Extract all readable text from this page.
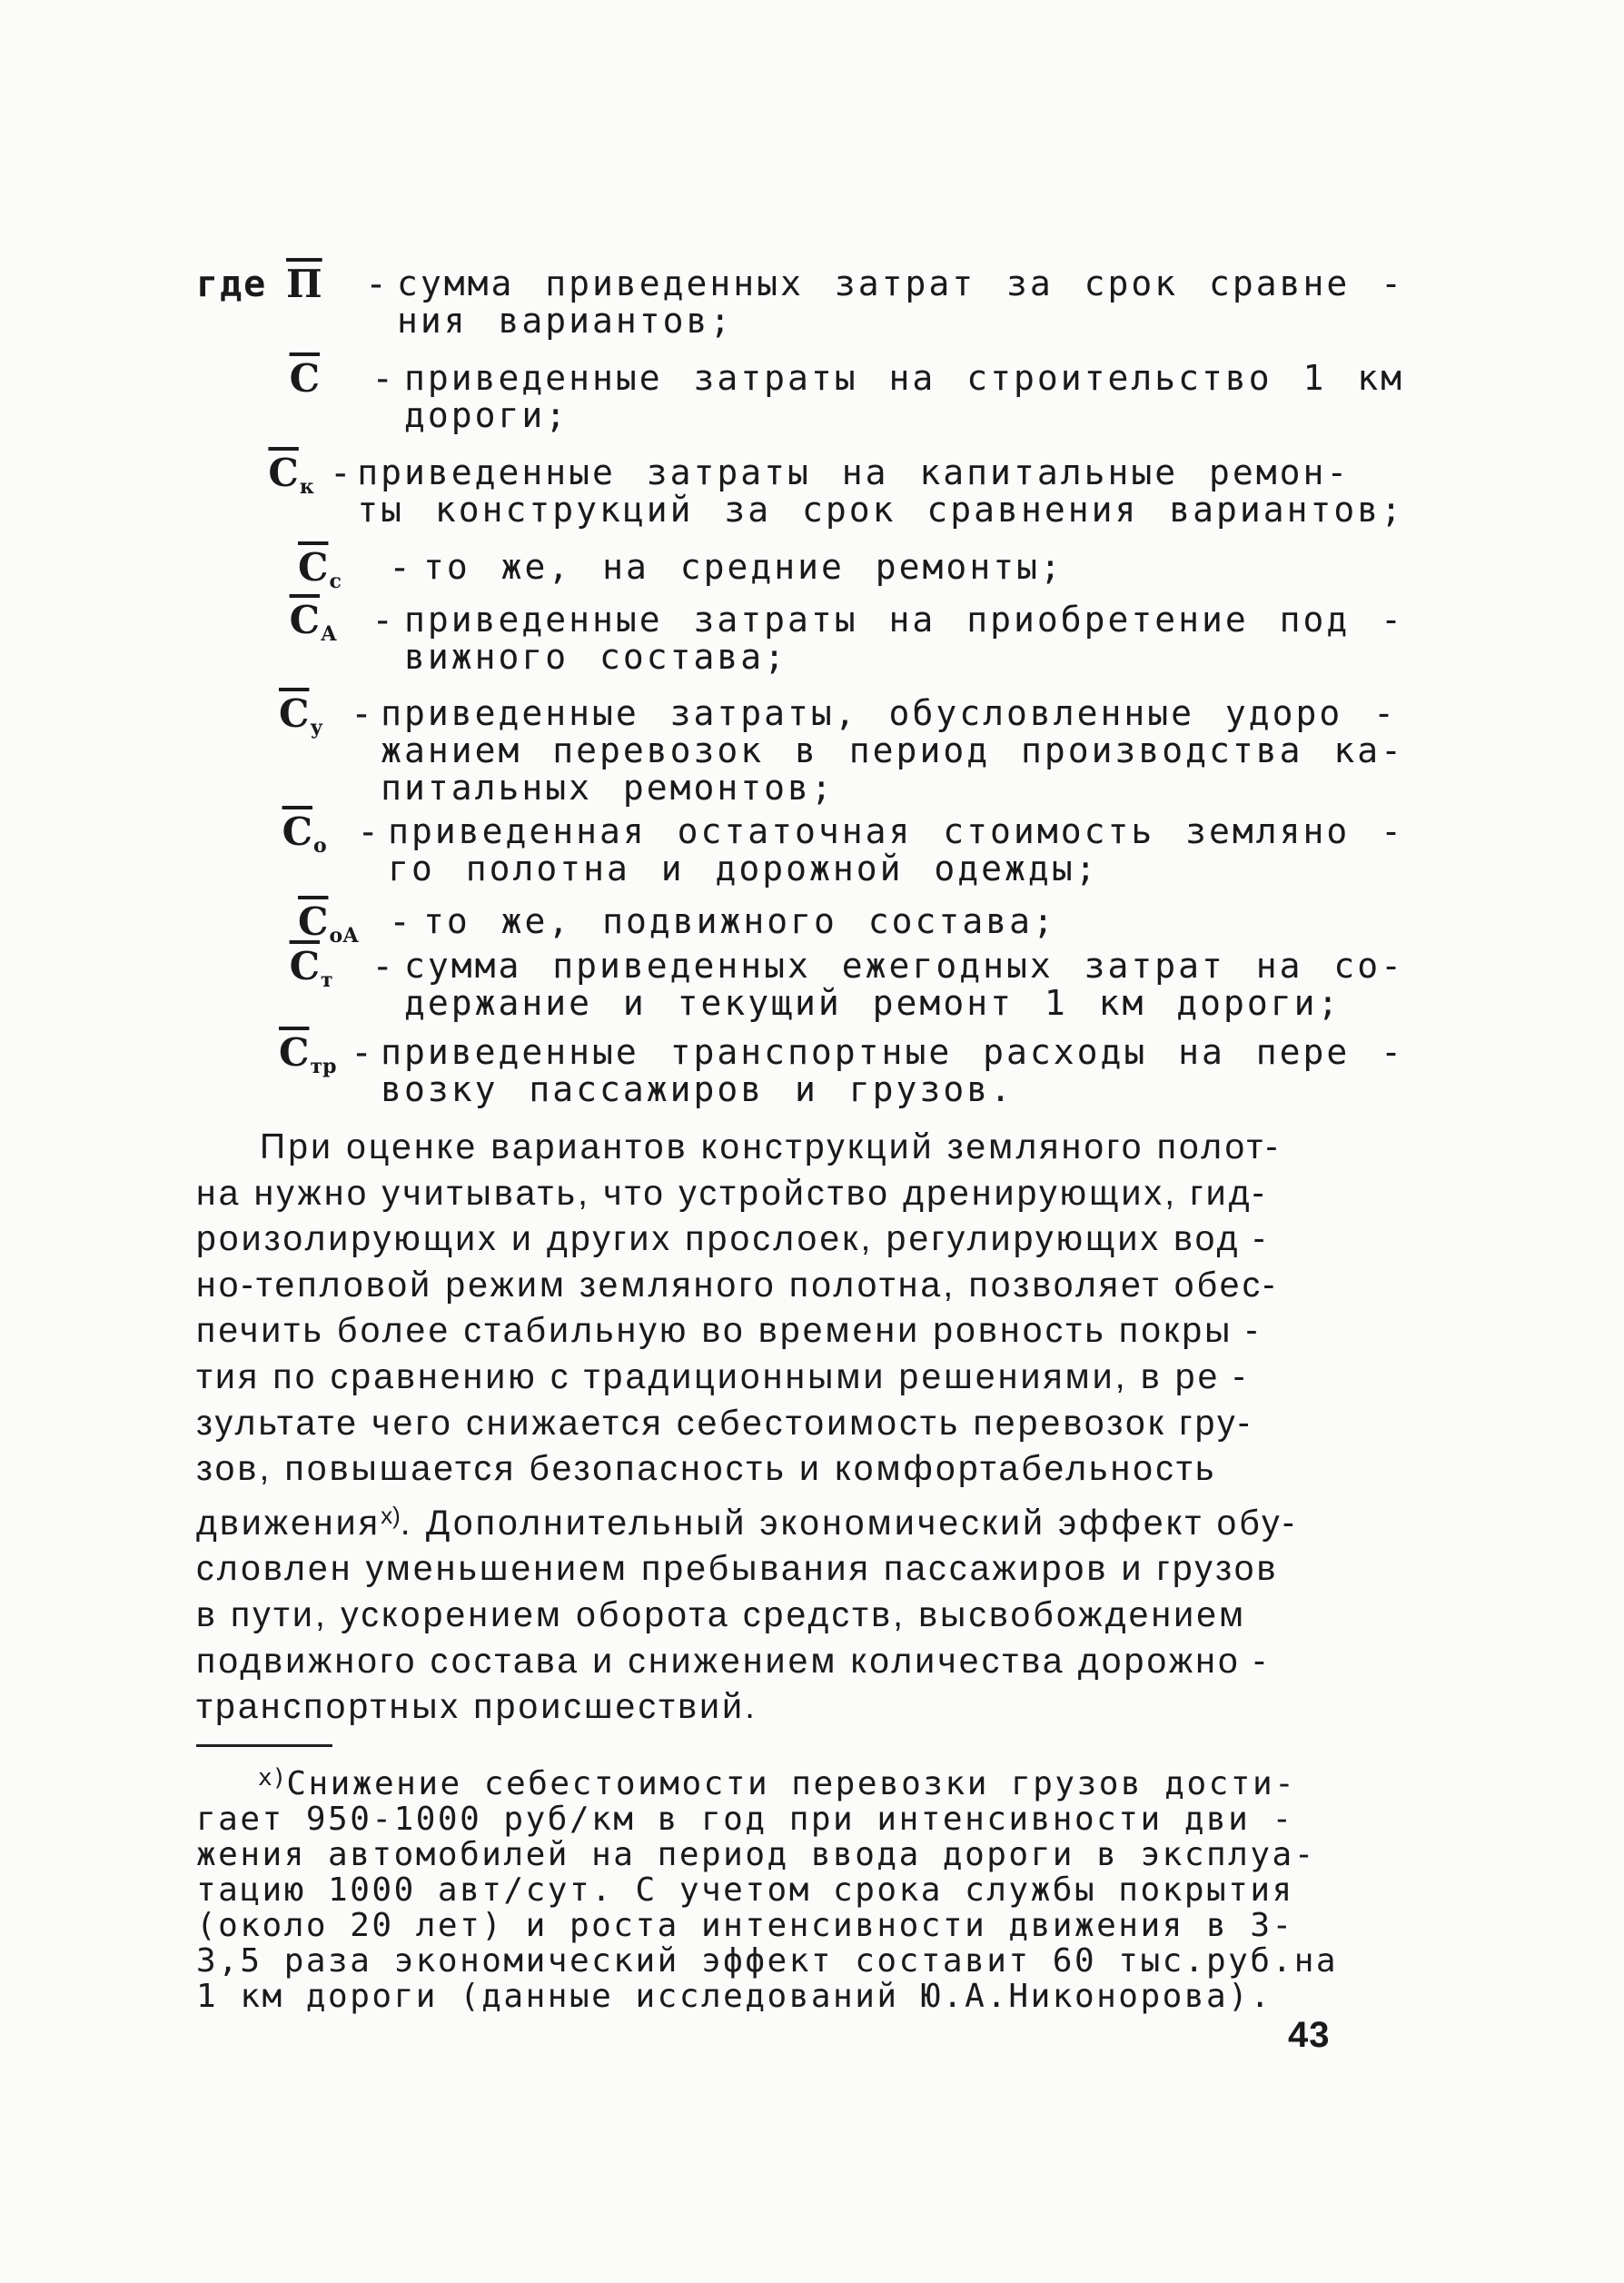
где П	- сумма приведенных затрат за срок сравне -
ния вариантов;
С	- приведенные затраты на строительство 1 км
дороги;
$С_к$ - приведенные затраты на капитальные ремон-
ты конструкций за срок сравнения вариантов;
$С_с$	- то же, на средние ремонты;
$С_А$ - приведенные затраты на приобретение под -
вижного состава;
$С_у$ - приведенные затраты, обусловленные удоро -
жанием перевозок в период производства ка-
питальных ремонтов;
$С_о$ - приведенная остаточная стоимость земляно -
го полотна и дорожной одежды;
$С_{оА}$ - то же, подвижного состава;
$С_т$	- сумма приведенных ежегодных затрат на со-
держание и текущий ремонт 1 км дороги;
$С_{тр}$ - приведенные транспортные расходы на пере -
возку пассажиров и грузов.
При оценке вариантов конструкций земляного полот-
на нужно учитывать, что устройство дренирующих, гид-
роизолирующих и других прослоек, регулирующих вод -
но-тепловой режим земляного полотна, позволяет обес-
печить более стабильную во времени ровность покры -
тия по сравнению с традиционными решениями, в ре -
зультате чего снижается себестоимость перевозок гру-
зов, повышается безопасность и комфортабельность
движения$^{x)}$. Дополнительный экономический эффект обу-
словлен уменьшением пребывания пассажиров и грузов
в пути, ускорением оборота средств, высвобождением
подвижного состава и снижением количества дорожно -
транспортных происшествий.
$^{x)}$Снижение себестоимости перевозки грузов дости-
гает 950-1000 руб/км в год при интенсивности дви -
жения автомобилей на период ввода дороги в эксплуа-
тацию 1000 авт/сут. С учетом срока службы покрытия
(около 20 лет) и роста интенсивности движения в 3-
3,5 раза экономический эффект составит 60 тыс.руб.на
1 км дороги (данные исследований Ю.А.Никонорова).
43
